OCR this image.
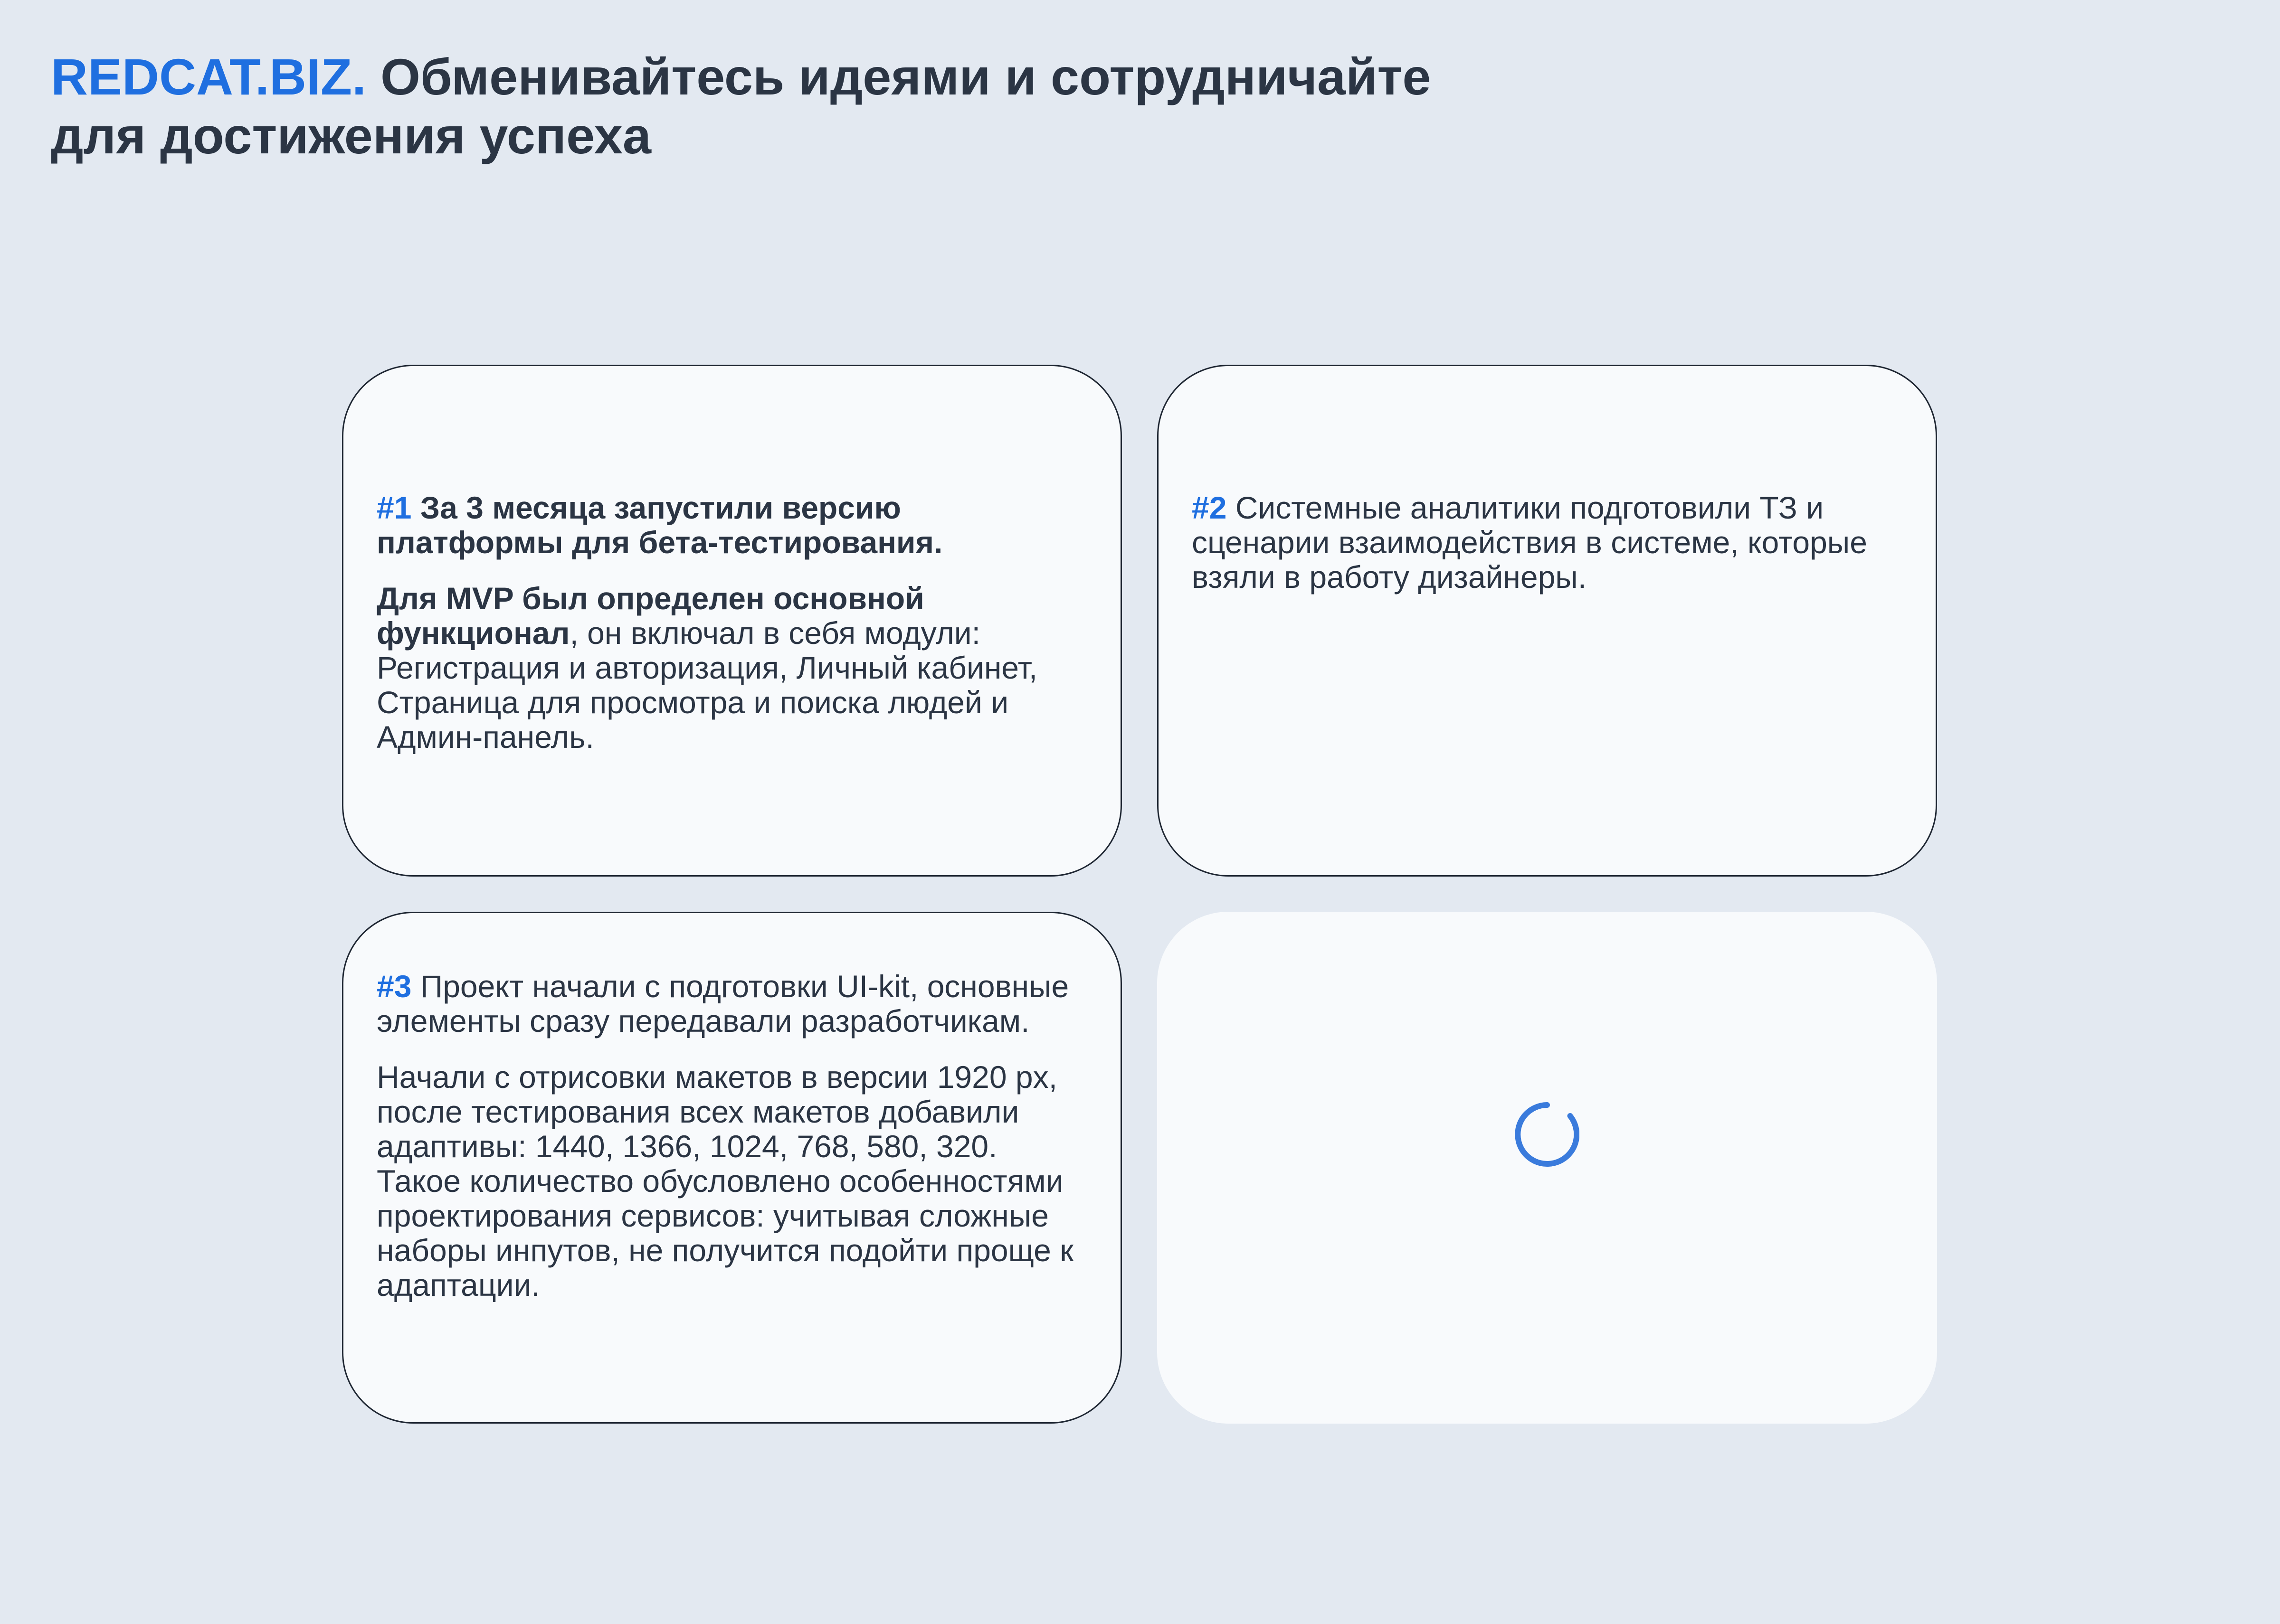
REDCAT.BIZ. Обменивайтесь идеями и сотрудничайте
для достижения успеха

#1 За 3 месяца запустили версию платформы для бета-тестирования.

Для MVP был определен основной функционал, он включал в себя модули: Регистрация и авторизация, Личный кабинет, Страница для просмотра и поиска людей и Админ-панель.

#2 Системные аналитики подготовили ТЗ и сценарии взаимодействия в системе, которые взяли в работу дизайнеры.

#3 Проект начали с подготовки UI-kit, основные элементы сразу передавали разработчикам.

Начали с отрисовки макетов в версии 1920 px, после тестирования всех макетов добавили адаптивы: 1440, 1366, 1024, 768, 580, 320.
Такое количество обусловлено особенностями проектирования сервисов: учитывая сложные наборы инпутов, не получится подойти проще к адаптации.
